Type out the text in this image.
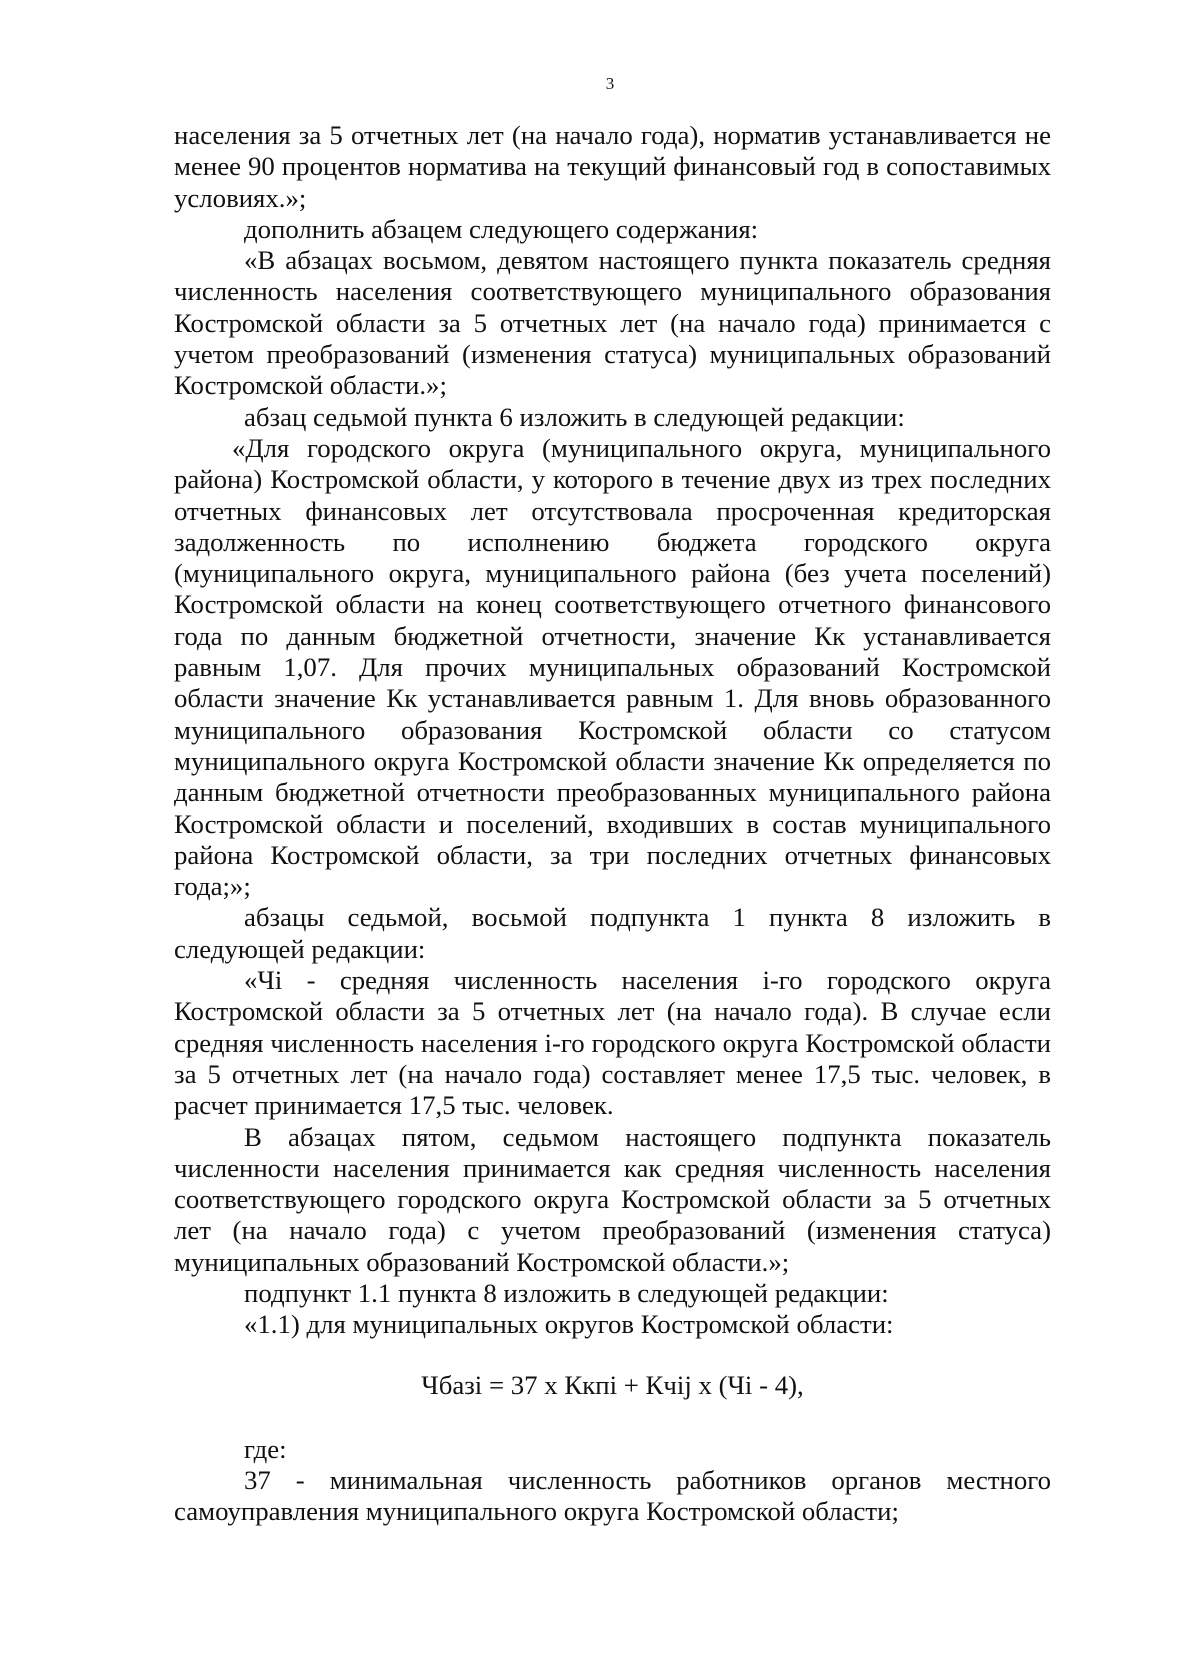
3

населения за 5 отчетных лет (на начало года), норматив устанавливается не менее 90 процентов норматива на текущий финансовый год в сопоставимых условиях.»;

дополнить абзацем следующего содержания:

«В абзацах восьмом, девятом настоящего пункта показатель средняя численность населения соответствующего муниципального образования Костромской области за 5 отчетных лет (на начало года) принимается с учетом преобразований (изменения статуса) муниципальных образований Костромской области.»;

абзац седьмой пункта 6 изложить в следующей редакции:

«Для городского округа (муниципального округа, муниципального района) Костромской области, у которого в течение двух из трех последних отчетных финансовых лет отсутствовала просроченная кредиторская задолженность по исполнению бюджета городского округа (муниципального округа, муниципального района (без учета поселений) Костромской области на конец соответствующего отчетного финансового года по данным бюджетной отчетности, значение Кк устанавливается равным 1,07. Для прочих муниципальных образований Костромской области значение Кк устанавливается равным 1. Для вновь образованного муниципального образования Костромской области со статусом муниципального округа Костромской области значение Кк определяется по данным бюджетной отчетности преобразованных муниципального района Костромской области и поселений, входивших в состав муниципального района Костромской области, за три последних отчетных финансовых года;»;

абзацы седьмой, восьмой подпункта 1 пункта 8 изложить в следующей редакции:

«Чi - средняя численность населения i-го городского округа Костромской области за 5 отчетных лет (на начало года). В случае если средняя численность населения i-го городского округа Костромской области за 5 отчетных лет (на начало года) составляет менее 17,5 тыс. человек, в расчет принимается 17,5 тыс. человек.

В абзацах пятом, седьмом настоящего подпункта показатель численности населения принимается как средняя численность населения соответствующего городского округа Костромской области за 5 отчетных лет (на начало года) с учетом преобразований (изменения статуса) муниципальных образований Костромской области.»;

подпункт 1.1 пункта 8 изложить в следующей редакции:

«1.1) для муниципальных округов Костромской области:

Чбазi = 37 х Ккпi + Кчij х (Чi - 4),

где:

37 - минимальная численность работников органов местного самоуправления муниципального округа Костромской области;
